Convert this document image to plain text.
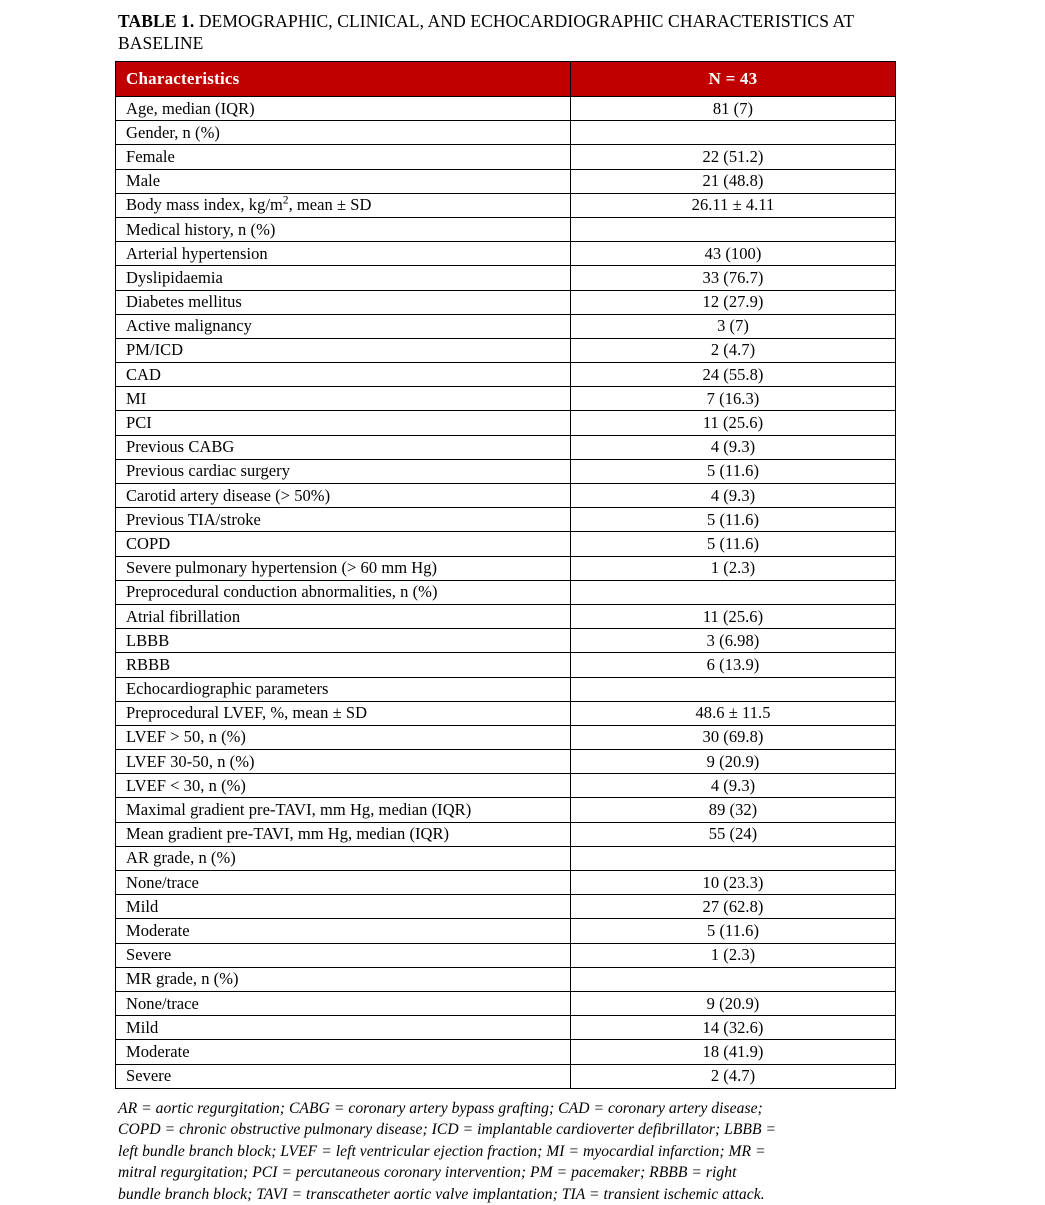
TABLE 1. DEMOGRAPHIC, CLINICAL, AND ECHOCARDIOGRAPHIC CHARACTERISTICS AT BASELINE
Characteristics	N = 43
Age, median (IQR)	81 (7)
Gender, n (%)	
Female	22 (51.2)
Male	21 (48.8)
Body mass index, $kg/m^2$, mean ± SD	26.11 ± 4.11
Medical history, n (%)	
Arterial hypertension	43 (100)
Dyslipidaemia	33 (76.7)
Diabetes mellitus	12 (27.9)
Active malignancy	3 (7)
PM/ICD	2 (4.7)
CAD	24 (55.8)
MI	7 (16.3)
PCI	11 (25.6)
Previous CABG	4 (9.3)
Previous cardiac surgery	5 (11.6)
Carotid artery disease (> 50%)	4 (9.3)
Previous TIA/stroke	5 (11.6)
COPD	5 (11.6)
Severe pulmonary hypertension (> 60 mm Hg)	1 (2.3)
Preprocedural conduction abnormalities, n (%)	
Atrial fibrillation	11 (25.6)
LBBB	3 (6.98)
RBBB	6 (13.9)
Echocardiographic parameters	
Preprocedural LVEF, %, mean ± SD	48.6 ± 11.5
LVEF > 50, n (%)	30 (69.8)
LVEF 30-50, n (%)	9 (20.9)
LVEF < 30, n (%)	4 (9.3)
Maximal gradient pre-TAVI, mm Hg, median (IQR)	89 (32)
Mean gradient pre-TAVI, mm Hg, median (IQR)	55 (24)
AR grade, n (%)	
None/trace	10 (23.3)
Mild	27 (62.8)
Moderate	5 (11.6)
Severe	1 (2.3)
MR grade, n (%)	
None/trace	9 (20.9)
Mild	14 (32.6)
Moderate	18 (41.9)
Severe	2 (4.7)
AR = aortic regurgitation; CABG = coronary artery bypass grafting; CAD = coronary artery disease;
COPD = chronic obstructive pulmonary disease; ICD = implantable cardioverter defibrillator; LBBB =
left bundle branch block; LVEF = left ventricular ejection fraction; MI = myocardial infarction; MR =
mitral regurgitation; PCI = percutaneous coronary intervention; PM = pacemaker; RBBB = right
bundle branch block; TAVI = transcatheter aortic valve implantation; TIA = transient ischemic attack.
